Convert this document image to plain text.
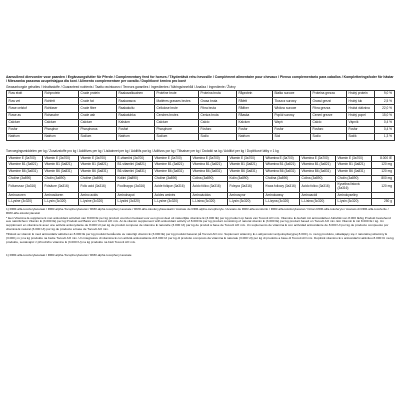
Aanvullend diervoeder voor paarden / Ergänzungsfutter für Pferde / Complementary feed for horses / Täydentävä rehu hevosille / Complément alimentaire pour chevaux / Pienso complementario para caballos / Kompletteringsfoder för hästar / Mieszanka paszowa uzupełniająca dla koni / Alimento complementare per cavallo / Doplňkové krmivo pro koně
Gewaarborgde gehaltes / Inhaltsstoffe / Guaranteed nutrients / Taattu ravintoarvo / Teneurs garanties / Ingredientes / Näringsinnehåll / Analiza / Ingrediente / Živiny
Ruw eiwit	Rohprotein	Crude protein	Raakavalkuainen	Protéine brute	Proteína bruta	Råprotein	Białko surowe	Proteina grezza	Hrubý protein	9,0 %
Ruw vet	Rohfett	Crude fat	Raakarasva	Matières grasses brutes	Grasa bruta	Råfett	Tłuszcz surowy	Grassi grezzi	Hrubý tuk	2,5 %
Ruwe celstof	Rohfaser	Crude fibre	Raakakuitu	Cellulose brute	Fibra bruta	Råfiber	Włókno surowe	Fibra grezza	Hrubá vláknina	22,0 %
Ruwe as	Rohasche	Crude ash	Raakatuhka	Cendres brutes	Ceniza bruta	Råaska	Popiół surowy	Ceneri grezze	Hrubý popel	15,0 %
Calcium	Calcium	Calcium	Kalsium	Calcium	Calcio	Kalcium	Wapń	Calcio	Vápník	0,4 %
Fosfor	Phosphor	Phosphorus	Fosfori	Phosphore	Fósforo	Fosfor	Fosfor	Fosforo	Fosfor	0,4 %
Natrium	Natrium	Sodium	Natrium	Sodium	Sodio	Natrium	Sód	Sodio	Sodík	1,3 %
Toevoegingsmiddelen per kg / Zusatzstoffe pro kg / Additives per kg / Lisäaineet per kg / Additifs par kg / Aditivos por kg / Tillsatser per kg / Dodatki na kg / Additivi per kg / Doplňkové látky v 1 kg
Vitamine E (3a700)	Vitamin E (3a700)	Vitamin E (3a700)	E-vitamiini (3a700)	Vitamine E (3a700)	Vitamina E (3a700)	Vitamin E (3a700)	Witamina E (3a700)	Vitamina E (3a700)	Vitamin E (3a700)	8.000 IE
Vitamine B1 (3a821)	Vitamin B1 (3a821)	Vitamin B1 (3a821)	B1-vitamiini (3a821)	Vitamine B1 (3a821)	Vitamina B1 (3a821)	Vitamin B1 (3a821)	Witamina B1 (3a821)	Vitamina B1 (3a821)	Vitamin B1 (3a821)	120 mg
Vitamine B6 (3a831)	Vitamin B6 (3a831)	Vitamin B6 (3a831)	B6-vitamiini (3a831)	Vitamine B6 (3a831)	Vitamina B6 (3a831)	Vitamin B6 (3a831)	Witamina B6 (3a831)	Vitamina B6 (3a831)	Vitamin B6 (3a831)	120 mg
Choline (3a890)	Cholin (3a890)	Choline (3a890)	Koliini (3a890)	Choline (3a890)	Colina (3a890)	Kolin (3a890)	Cholina (3a890)	Colina (3a890)	Cholin (3a890)	800 mg
Foliumzuur (3a316)	Folsäure (3a316)	Folic acid (3a316)	Foolihappo (3a316)	Acide folique (3a316)	Ácido fólico (3a316)	Folsyra (3a316)	Kwas foliowy (3a316)	Acido folico (3a316)	Kyselina listová (3a316)	120 mg
Aminozuren	Aminosäuren	Amino acids	Aminohapot	Acides aminés	Aminoácidos	Aminosyror	Aminokwasy	Aminoacidi	Aminokyseliny	
L-Lysine (3c320)	L-Lysin (3c320)	L-lysine (3c320)	L-lysiini (3c320)	L-Lysine (3c320)	L-Lisina (3c320)	L-lysin (3c320)	L-Lizyna (3c320)	L-Lisina (3c320)	L-lysin (3c320)	250 g

1) RRR-alfa-tocoferylacetaat / RRR-alpha-Tocopherylacetat / RRR-alpha tocopheryl acetate / RRR-alfa-tokoferyyliasetaatti / Acétate de RRR-alpha-tocophéryle / Acetato de RRR-alfa-tocoferilo / RRR-alfa-tokoferylacetat / Octan RRR-alfa-tokoferylu / Acetato di RRR-alfa-tocoferile / RRR-alfa-tokoferylacetát

* Een Vitamine E-supplement met antioxidant activiteit van 8.000 IE per kg product voorzien bestaat voor een groot deel uit natuurlijke vitamine E (3.000 IE) per kg product op basis van Tocovit AO mix. Vitamine E-Gehalt mit antioxidativer Aktivität von 8.000 IE/kg Produkt bestehend aus natürlichem Vitamin E (3.000 IE) per kg Produkt auf Basis von Tocovit AO mix. An E-vitamin supplement with antioxidant activity of 8.000 IE per kg product consisting of natural vitamin E (3.000 IE) per kg product based on Tocovit AO mix. Ein Vitamin E mit 8.000 IE / kg. Un supplément en vitamine E avec une activité antioxydante de 8.000 UI par kg de produit composé de vitamine E naturelle (3.000 UI) par kg de produit à base de Tocovit AO mix. Un suplemento de vitamina E con actividad antioxidante de 8.000 UI por kg de producto compuesto por vitamina E natural (3.000 UI) por kg de producto a base de Tocovit AO mix.

Tillskott av vitamin E med antioxidativ aktivitet av 8.000 IE per kg produkt bestående av naturligt vitamin E (3.000 IE) per kg produkt baserat på Tocovit AO mix. Suplement witaminy E o aktywności antyoksydacyjnej 8.000 j.m. na kg produktu, składający się z naturalnej witaminy E (3.000 j.m.) na kg produktu na bazie Tocovit AO mix. Un integratore di vitamina E con attività antiossidante di 8.000 UI per kg di prodotto composto da vitamina E naturale (3.000 UI) per kg di prodotto a base di Tocovit AO mix. Doplněk vitaminu E s antioxidační aktivitou 8.000 IU na kg produktu, sestávající z přírodního vitaminu E (3.000 IU) na kg produktu na bázi Tocovit AO mix.

1) RRR-alfa-tocoferylacetaat / RRR-alpha-Tocopherylacetat / RRR-alpha tocopheryl acetate
